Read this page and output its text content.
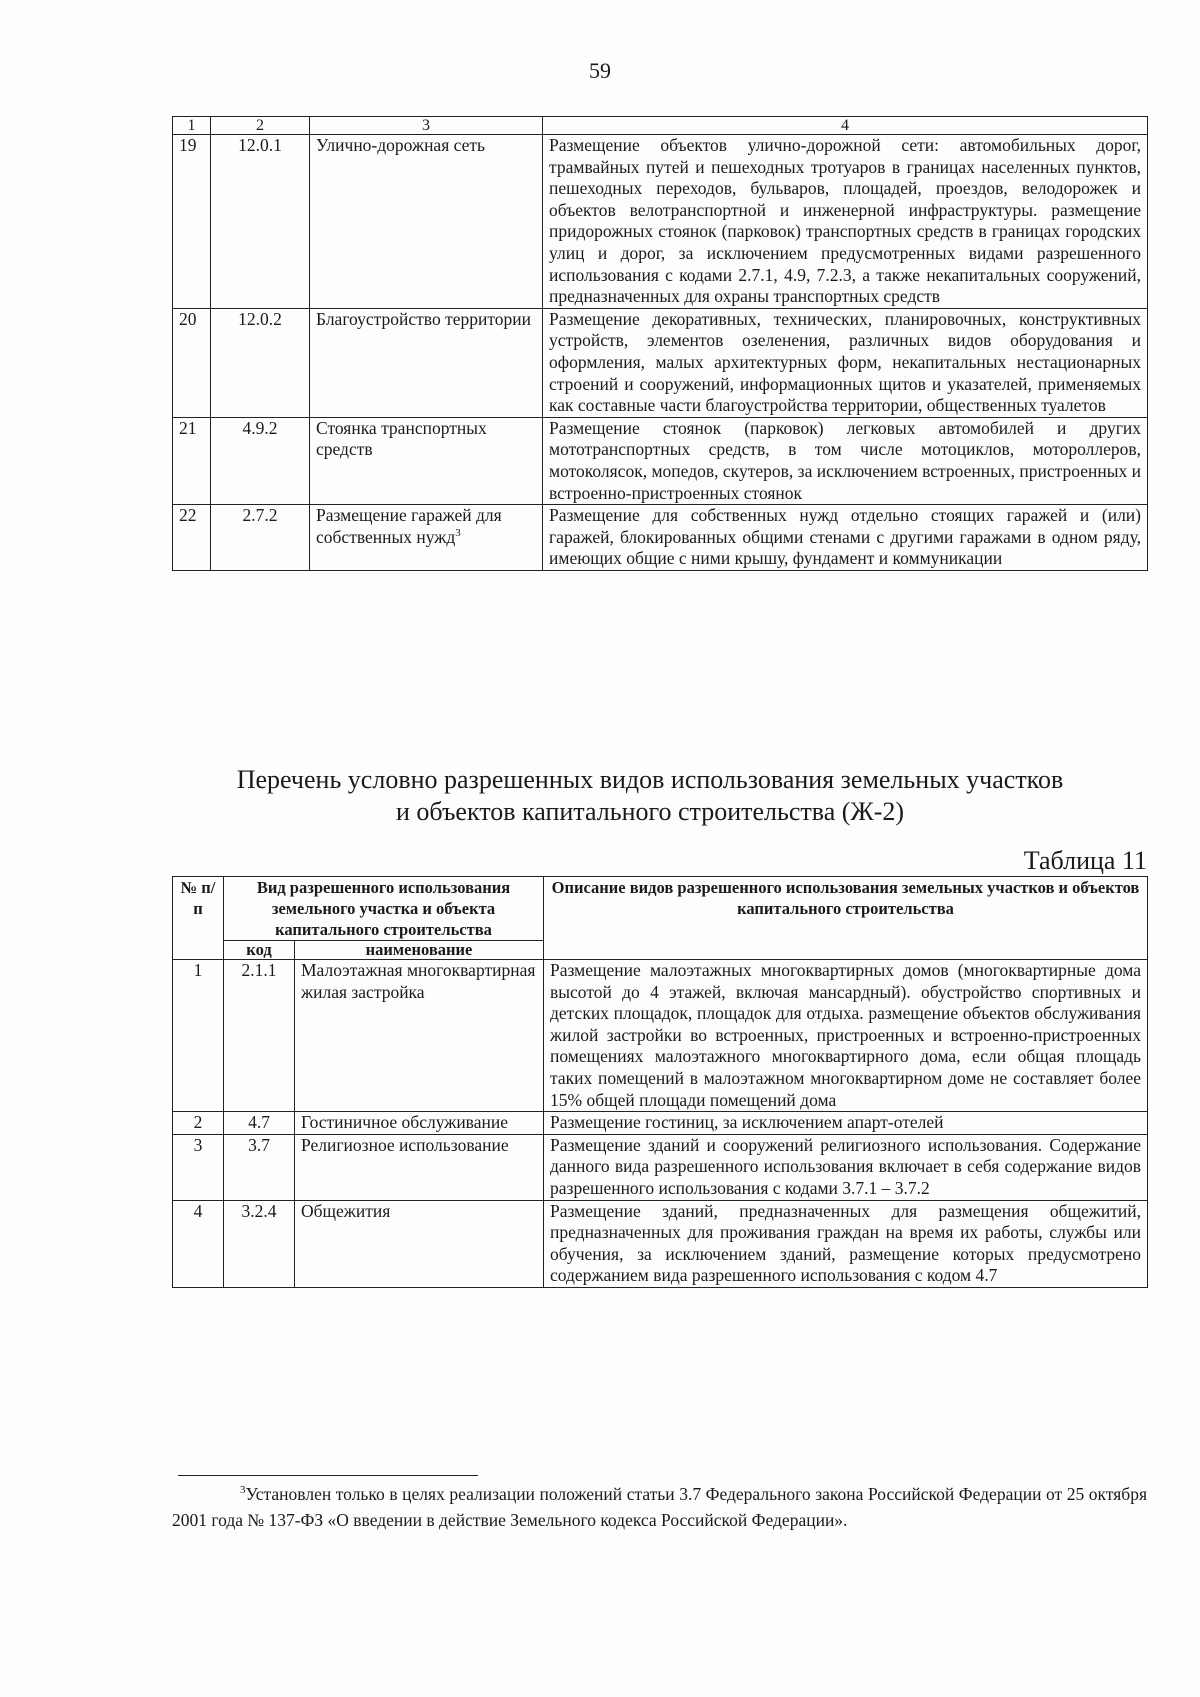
59
1	2	3	4
19	12.0.1	Улично-дорожная сеть	Размещение объектов улично-дорожной сети: автомобильных дорог, трамвайных путей и пешеходных тротуаров в границах населенных пунктов, пешеходных переходов, бульваров, площадей, проездов, велодорожек и объектов велотранспортной и инженерной инфраструктуры. размещение придорожных стоянок (парковок) транспортных средств в границах городских улиц и дорог, за исключением предусмотренных видами разрешенного использования с кодами 2.7.1, 4.9, 7.2.3, а также некапитальных сооружений, предназначенных для охраны транспортных средств
20	12.0.2	Благоустройство территории	Размещение декоративных, технических, планировочных, конструктивных устройств, элементов озеленения, различных видов оборудования и оформления, малых архитектурных форм, некапитальных нестационарных строений и сооружений, информационных щитов и указателей, применяемых как составные части благоустройства территории, общественных туалетов
21	4.9.2	Стоянка транспортных средств	Размещение стоянок (парковок) легковых автомобилей и других мототранспортных средств, в том числе мотоциклов, мотороллеров, мотоколясок, мопедов, скутеров, за исключением встроенных, пристроенных и встроенно-пристроенных стоянок
22	2.7.2	Размещение гаражей для собственных нужд$^3$	Размещение для собственных нужд отдельно стоящих гаражей и (или) гаражей, блокированных общими стенами с другими гаражами в одном ряду, имеющих общие с ними крышу, фундамент и коммуникации
Перечень условно разрешенных видов использования земельных участков
и объектов капитального строительства (Ж-2)
Таблица 11
№ п/п	Вид разрешенного использования земельного участка и объекта капитального строительства		Описание видов разрешенного использования земельных участков и объектов капитального строительства
	код	наименование	
1	2.1.1	Малоэтажная многоквартирная жилая застройка	Размещение малоэтажных многоквартирных домов (многоквартирные дома высотой до 4 этажей, включая мансардный). обустройство спортивных и детских площадок, площадок для отдыха. размещение объектов обслуживания жилой застройки во встроенных, пристроенных и встроенно-пристроенных помещениях малоэтажного многоквартирного дома, если общая площадь таких помещений в малоэтажном многоквартирном доме не составляет более 15% общей площади помещений дома
2	4.7	Гостиничное обслуживание	Размещение гостиниц, за исключением апарт-отелей
3	3.7	Религиозное использование	Размещение зданий и сооружений религиозного использования. Содержание данного вида разрешенного использования включает в себя содержание видов разрешенного использования с кодами 3.7.1 – 3.7.2
4	3.2.4	Общежития	Размещение зданий, предназначенных для размещения общежитий, предназначенных для проживания граждан на время их работы, службы или обучения, за исключением зданий, размещение которых предусмотрено содержанием вида разрешенного использования с кодом 4.7
$^3$Установлен только в целях реализации положений статьи 3.7 Федерального закона Российской Федерации от 25 октября 2001 года № 137-ФЗ «О введении в действие Земельного кодекса Российской Федерации».
